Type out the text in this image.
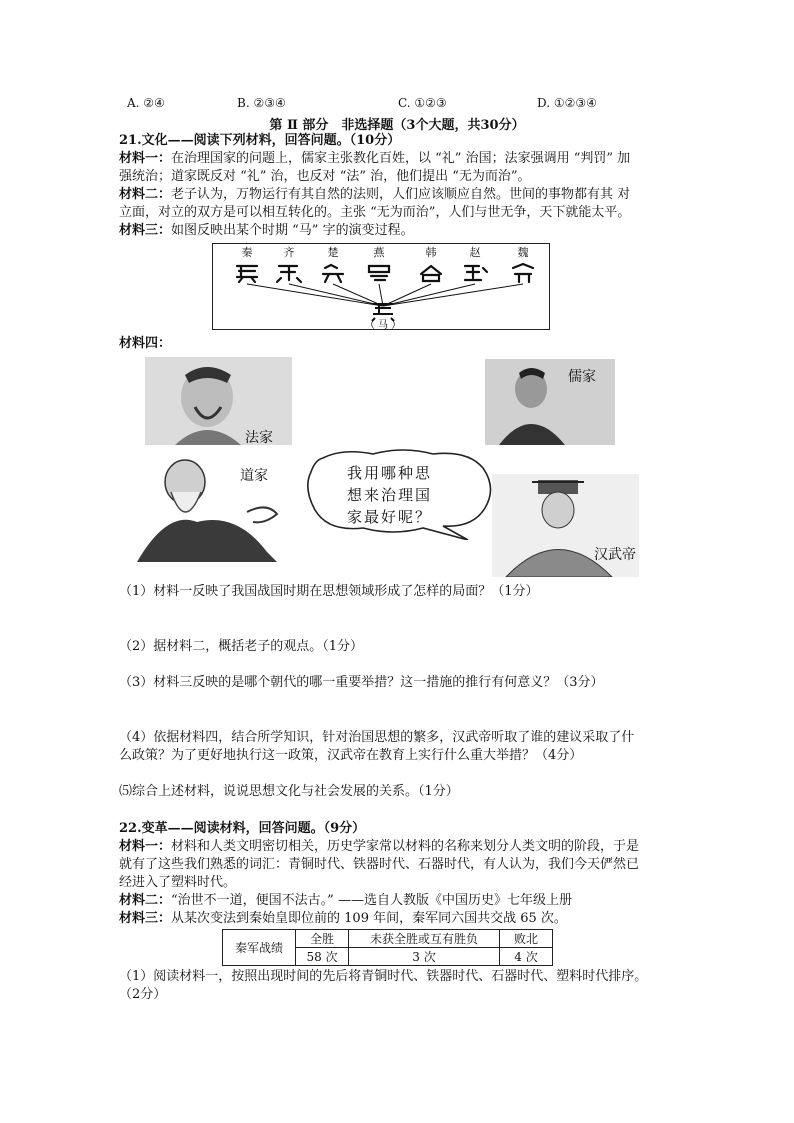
A. ②④	B. ②③④	C. ①②③	D. ①②③④
第 Ⅱ 部分　非选择题（3个大题，共30分）
21.文化——阅读下列材料，回答问题。（10分）
材料一：在治理国家的问题上，儒家主张教化百姓，以 “礼” 治国；法家强调用 “判罚” 加
强统治；道家既反对 “礼” 治，也反对 “法” 治，他们提出 “无为而治”。
材料二：老子认为，万物运行有其自然的法则，人们应该顺应自然。世间的事物都有其 对
立面，对立的双方是可以相互转化的。主张 “无为而治”，人们与世无争，天下就能太平。
材料三：如图反映出某个时期 “马” 字的演变过程。
秦	齐	楚	燕	韩	赵	魏
（ 马 ）
材料四：
法家
儒家
道家	我用哪种思
想来治理国
家最好呢？
汉武帝
（1）材料一反映了我国战国时期在思想领域形成了怎样的局面？（1分）
（2）据材料二，概括老子的观点。（1分）
（3）材料三反映的是哪个朝代的哪一重要举措？这一措施的推行有何意义？（3分）
（4）依据材料四，结合所学知识，针对治国思想的繁多，汉武帝听取了谁的建议采取了什
么政策？为了更好地执行这一政策，汉武帝在教育上实行什么重大举措？（4分）
⑸综合上述材料，说说思想文化与社会发展的关系。（1分）
22.变革——阅读材料，回答问题。（9分）
材料一：材料和人类文明密切相关，历史学家常以材料的名称来划分人类文明的阶段，于是
就有了这些我们熟悉的词汇：青铜时代、铁器时代、石器时代，有人认为，我们今天俨然已
经进入了塑料时代。
材料二：“治世不一道，便国不法古。” ——选自人教版《中国历史》七年级上册
材料三：从某次变法到秦始皇即位前的 109 年间，秦军同六国共交战 65 次。
秦军战绩	全胜	未获全胜或互有胜负	败北
	58 次	3 次	4 次
（1）阅读材料一，按照出现时间的先后将青铜时代、铁器时代、石器时代、塑料时代排序。
（2分）
